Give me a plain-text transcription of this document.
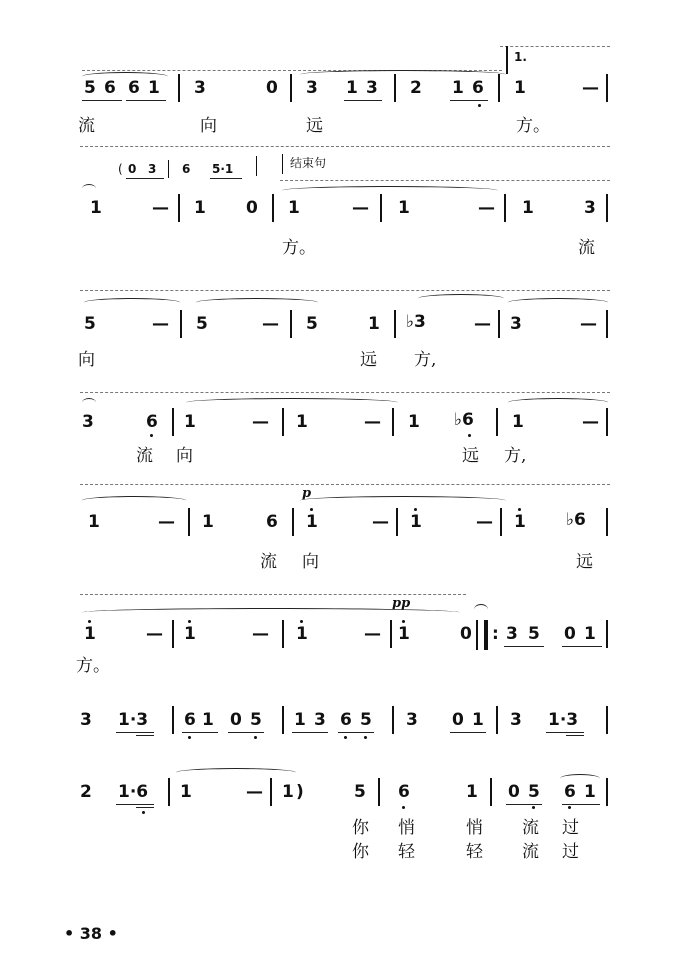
1.
5 6 6 1 3	0 3 1 3 2 1 6 1	—
流	向	远	方。
( 0 3 6 5·1	结束句
1	— 1 0 1	— 1	— 1	3
方。	流
5	— 5	— 5	1 ♭3	— 3	—
向	远 方,
3	6 1	— 1	— 1 ♭6 1	—
流 向	远 方,
p
1	— 1	6 1	— 1	— 1 ♭6
流 向	远
pp
1	— 1	— 1	— 1	0 : 3 5 0 1
方。
3 1·3 6 1 0 5 1 3 6 5 3 0 1 3 1·3
2 1·6 1	— 1 )	5 6	1 0 5 6 1
你 悄	悄 流 过
你 轻	轻 流 过
• 38 •
